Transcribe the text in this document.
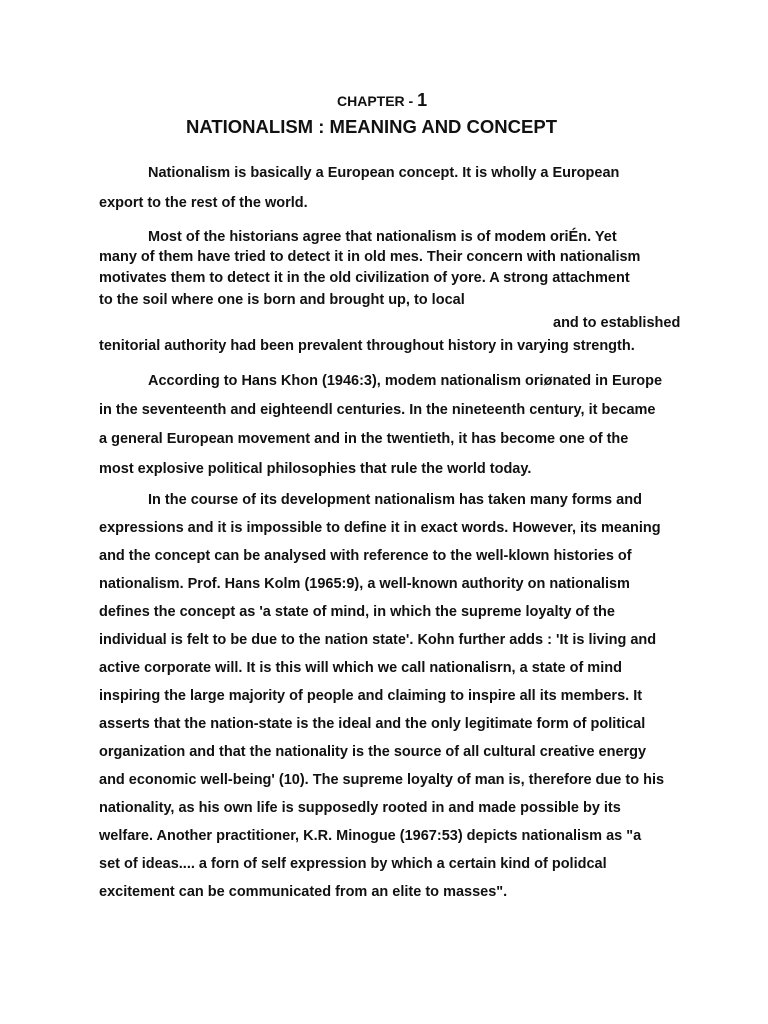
CHAPTER - 1
NATIONALISM : MEANING AND CONCEPT

Nationalism is basically a European concept. It is wholly a European

export to the rest of the world.

Most of the historians agree that nationalism is of modem oriÉn. Yet

many of them have tried to detect it in old mes. Their concern with nationalism

motivates them to detect it in the old civilization of yore. A strong attachment

to the soil where one is born and brought up, to local

and to established

tenitorial authority had been prevalent throughout history in varying strength.

According to Hans Khon (1946:3), modem nationalism oriønated in Europe

in the seventeenth and eighteendl centuries. In the nineteenth century, it became

a general European movement and in the twentieth, it has become one of the

most explosive political philosophies that rule the world today.

In the course of its development nationalism has taken many forms and

expressions and it is impossible to define it in exact words. However, its meaning

and the concept can be analysed with reference to the well-klown histories of

nationalism. Prof. Hans Kolm (1965:9), a well-known authority on nationalism

defines the concept as 'a state of mind, in which the supreme loyalty of the

individual is felt to be due to the nation state'. Kohn further adds : 'It is living and

active corporate will. It is this will which we call nationalisrn, a state of mind

inspiring the large majority of people and claiming to inspire all its members. It

asserts that the nation-state is the ideal and the only legitimate form of political

organization and that the nationality is the source of all cultural creative energy

and economic well-being' (10). The supreme loyalty of man is, therefore due to his

nationality, as his own life is supposedly rooted in and made possible by its

welfare. Another practitioner, K.R. Minogue (1967:53) depicts nationalism as "a

set of ideas.... a forn of self expression by which a certain kind of polidcal

excitement can be communicated from an elite to masses".
